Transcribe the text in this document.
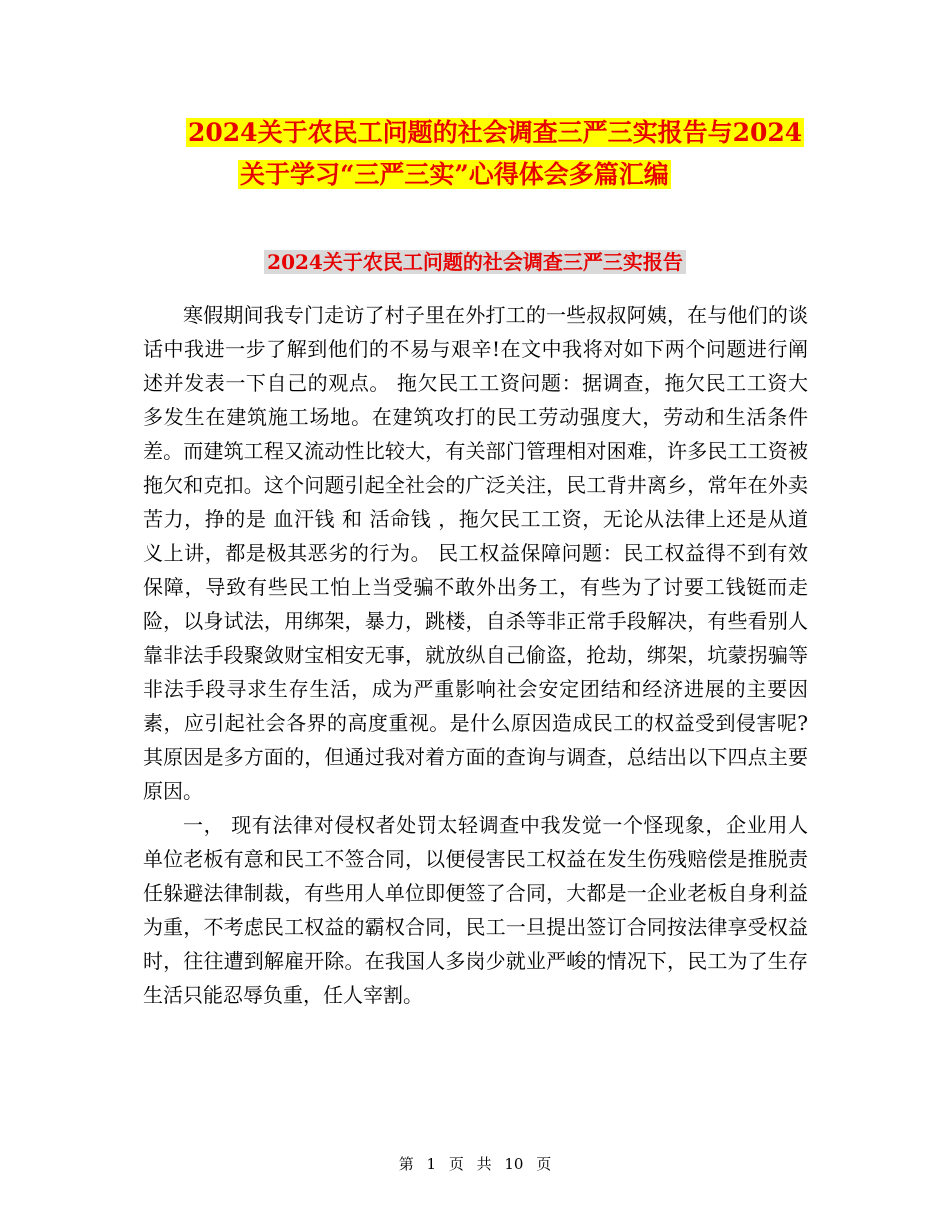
2024关于农民工问题的社会调查三严三实报告与2024
关于学习“三严三实”心得体会多篇汇编
2024关于农民工问题的社会调查三严三实报告

寒假期间我专门走访了村子里在外打工的一些叔叔阿姨，在与他们的谈话中我进一步了解到他们的不易与艰辛!在文中我将对如下两个问题进行阐述并发表一下自己的观点。 拖欠民工工资问题：据调查，拖欠民工工资大多发生在建筑施工场地。在建筑攻打的民工劳动强度大，劳动和生活条件差。而建筑工程又流动性比较大，有关部门管理相对困难，许多民工工资被拖欠和克扣。这个问题引起全社会的广泛关注，民工背井离乡，常年在外卖苦力，挣的是 血汗钱 和 活命钱 ，拖欠民工工资，无论从法律上还是从道义上讲，都是极其恶劣的行为。 民工权益保障问题：民工权益得不到有效保障，导致有些民工怕上当受骗不敢外出务工，有些为了讨要工钱铤而走险，以身试法，用绑架，暴力，跳楼，自杀等非正常手段解决，有些看别人靠非法手段聚敛财宝相安无事，就放纵自己偷盗，抢劫，绑架，坑蒙拐骗等非法手段寻求生存生活，成为严重影响社会安定团结和经济进展的主要因素，应引起社会各界的高度重视。是什么原因造成民工的权益受到侵害呢? 其原因是多方面的，但通过我对着方面的查询与调查，总结出以下四点主要原因。

一， 现有法律对侵权者处罚太轻调查中我发觉一个怪现象，企业用人单位老板有意和民工不签合同，以便侵害民工权益在发生伤残赔偿是推脱责任躲避法律制裁，有些用人单位即便签了合同，大都是一企业老板自身利益为重，不考虑民工权益的霸权合同，民工一旦提出签订合同按法律享受权益时，往往遭到解雇开除。在我国人多岗少就业严峻的情况下，民工为了生存生活只能忍辱负重，任人宰割。

第 1 页 共 10 页
